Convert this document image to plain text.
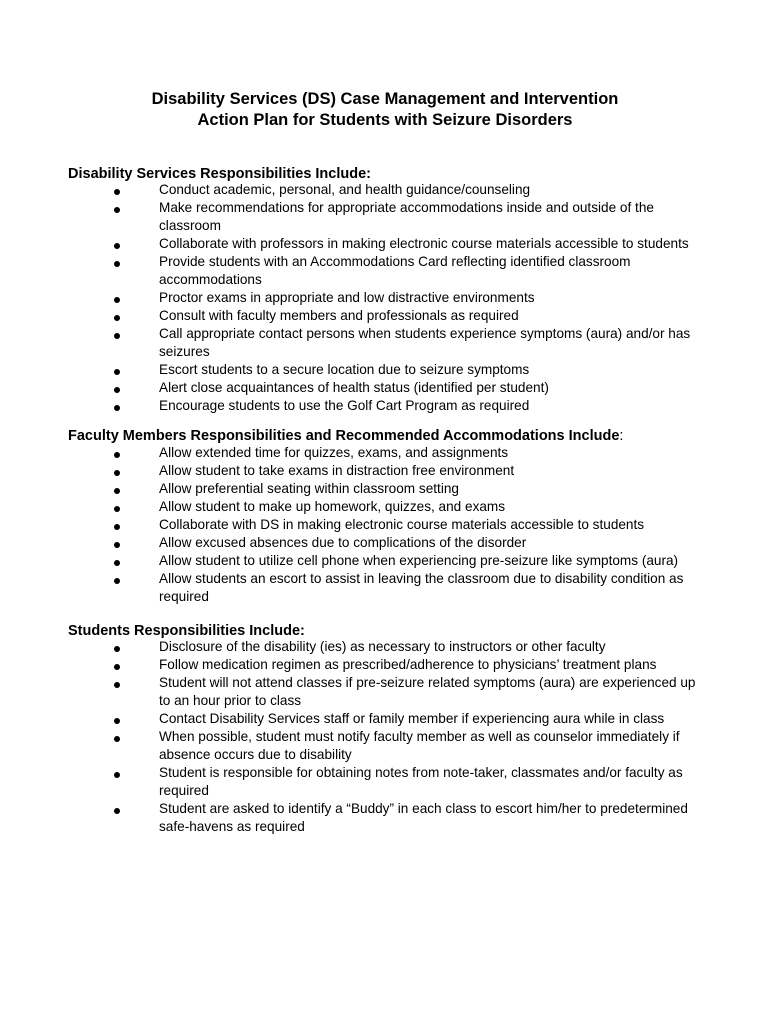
Disability Services (DS) Case Management and Intervention
Action Plan for Students with Seizure Disorders
Disability Services Responsibilities Include:
Conduct academic, personal, and health guidance/counseling
Make recommendations for appropriate accommodations inside and outside of the classroom
Collaborate with professors in making electronic course materials accessible to students
Provide students with an Accommodations Card reflecting identified classroom accommodations
Proctor exams in appropriate and low distractive environments
Consult with faculty members and professionals as required
Call appropriate contact persons when students experience symptoms (aura) and/or has seizures
Escort students to a secure location due to seizure symptoms
Alert close acquaintances of health status (identified per student)
Encourage students to use the Golf Cart Program as required
Faculty Members Responsibilities and Recommended Accommodations Include:
Allow extended time for quizzes, exams, and assignments
Allow student to take exams in distraction free environment
Allow preferential seating within classroom setting
Allow student to make up homework, quizzes, and exams
Collaborate with DS in making electronic course materials accessible to students
Allow excused absences due to complications of the disorder
Allow student to utilize cell phone when experiencing pre-seizure like symptoms (aura)
Allow students an escort to assist in leaving the classroom due to disability condition as required
Students Responsibilities Include:
Disclosure of the disability (ies) as necessary to instructors or other faculty
Follow medication regimen as prescribed/adherence to physicians’ treatment plans
Student will not attend classes if pre-seizure related symptoms (aura) are experienced up to an hour prior to class
Contact Disability Services staff or family member if experiencing aura while in class
When possible, student must notify faculty member as well as counselor immediately if absence occurs due to disability
Student is responsible for obtaining notes from note-taker, classmates and/or faculty as required
Student are asked to identify a “Buddy” in each class to escort him/her to predetermined safe-havens as required
